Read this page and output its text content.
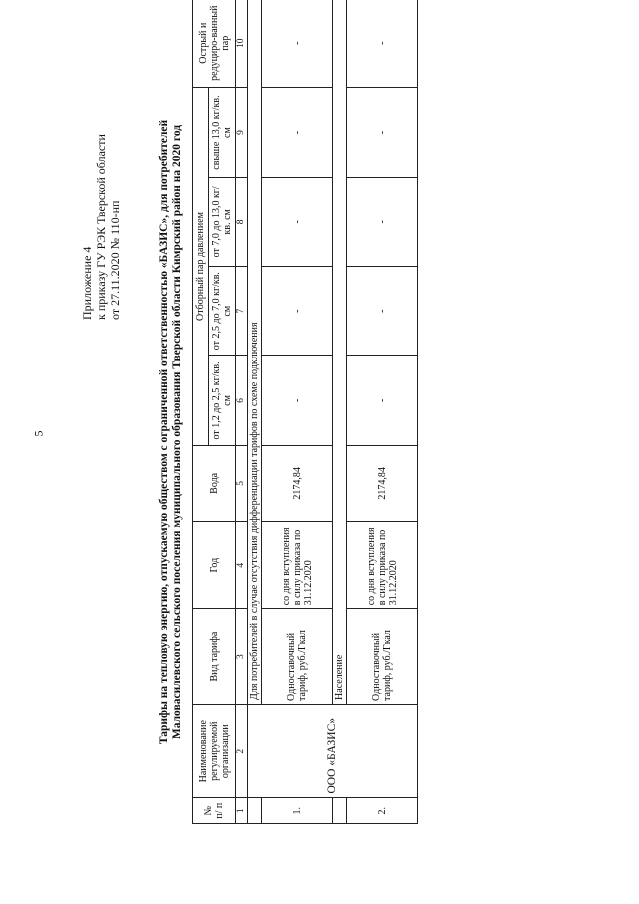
5
Приложение 4 к приказу ГУ РЭК Тверской области от 27.11.2020 № 110-нп	Тарифы на тепловую энергию, отпускаемую обществом с ограниченной ответственностью «БАЗИС», для потребителей Маловасилевского сельского поселения муниципального образования Тверской области Кимрский район на 2020 год
№ п/ п	Наименование регулируемой организации	Вид тарифа	Год	Вода	Отборный пар давлением				Острый и редуциро-ванный пар
					от 1,2 до 2,5 кг/кв. см	от 2,5 до 7,0 кг/кв. см	от 7,0 до 13,0 кг/кв. см	свыше 13,0 кг/кв. см	
1	2	3	4	5	6	7	8	9	10
	ООО «БАЗИС»	Для потребителей в случае отсутствия дифференциации тарифов по схеме подключения							
1.		Одноставочный тариф, руб./Гкал	со дня вступления в силу приказа по 31.12.2020	2174,84	-	-	-	-	-
		Население							
2.		Одноставочный тариф, руб./Гкал	со дня вступления в силу приказа по 31.12.2020	2174,84	-	-	-	-	-
